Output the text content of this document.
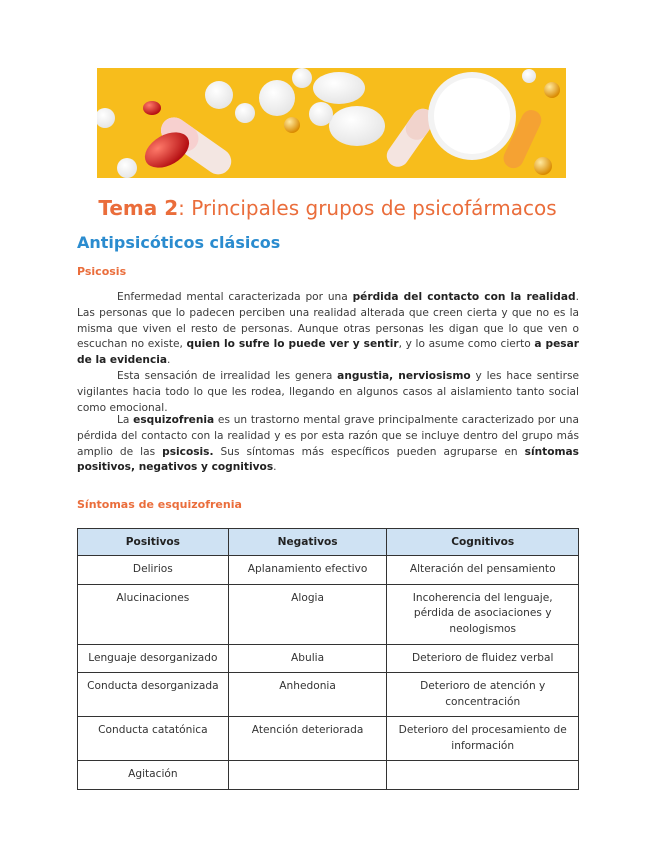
Tema 2: Principales grupos de psicofármacos
Antipsicóticos clásicos
Psicosis

Enfermedad mental caracterizada por una pérdida del contacto con la realidad. Las personas que lo padecen perciben una realidad alterada que creen cierta y que no es la misma que viven el resto de personas. Aunque otras personas les digan que lo que ven o escuchan no existe, quien lo sufre lo puede ver y sentir, y lo asume como cierto a pesar de la evidencia.
Esta sensación de irrealidad les genera angustia, nerviosismo y les hace sentirse vigilantes hacia todo lo que les rodea, llegando en algunos casos al aislamiento tanto social como emocional.

La esquizofrenia es un trastorno mental grave principalmente caracterizado por una pérdida del contacto con la realidad y es por esta razón que se incluye dentro del grupo más amplio de las psicosis. Sus síntomas más específicos pueden agruparse en síntomas positivos, negativos y cognitivos.

Síntomas de esquizofrenia
Positivos	Negativos	Cognitivos
Delirios	Aplanamiento efectivo	Alteración del pensamiento
Alucinaciones	Alogia	Incoherencia del lenguaje, pérdida de asociaciones y neologismos
Lenguaje desorganizado	Abulia	Deterioro de fluidez verbal
Conducta desorganizada	Anhedonia	Deterioro de atención y concentración
Conducta catatónica	Atención deteriorada	Deterioro del procesamiento de información
Agitación		
